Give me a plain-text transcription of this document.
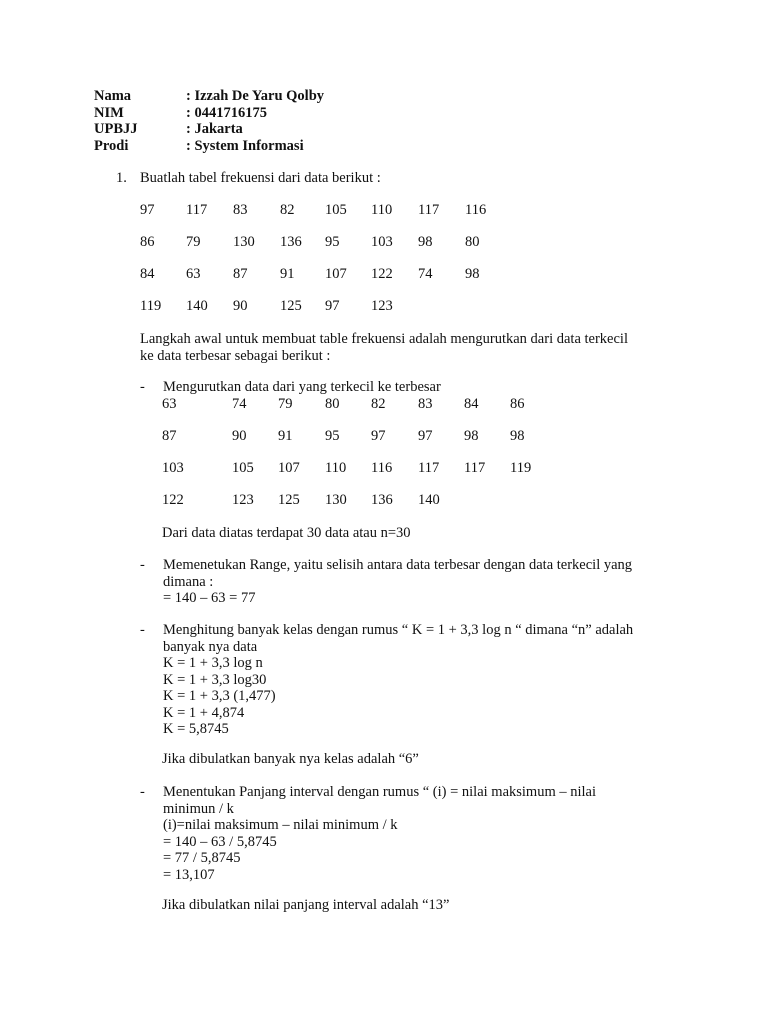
Nama	: Izzah De Yaru Qolby
NIM	: 0441716175
UPBJJ	: Jakarta
Prodi	: System Informasi
1. Buatlah tabel frekuensi dari data berikut :
97 117 83 82 105 110 117 116
86 79 130 136 95 103 98 80
84 63 87 91 107 122 74 98
119 140 90 125 97 123
Langkah awal untuk membuat table frekuensi adalah mengurutkan dari data terkecil
ke data terbesar sebagai berikut :
- Mengurutkan data dari yang terkecil ke terbesar
63	74 79 80 82 83 84 86
87	90 91 95 97 97 98 98
103	105 107 110 116 117 117 119
122	123 125 130 136 140
Dari data diatas terdapat 30 data atau n=30
- Memenetukan Range, yaitu selisih antara data terbesar dengan data terkecil yang
dimana :
= 140 – 63 = 77
- Menghitung banyak kelas dengan rumus “ K = 1 + 3,3 log n “ dimana “n” adalah
banyak nya data
K = 1 + 3,3 log n
K = 1 + 3,3 log30
K = 1 + 3,3 (1,477)
K = 1 + 4,874
K = 5,8745
Jika dibulatkan banyak nya kelas adalah “6”
- Menentukan Panjang interval dengan rumus “ (i) = nilai maksimum – nilai
minimun / k
(i)=nilai maksimum – nilai minimum / k
= 140 – 63 / 5,8745
= 77 / 5,8745
= 13,107
Jika dibulatkan nilai panjang interval adalah “13”
